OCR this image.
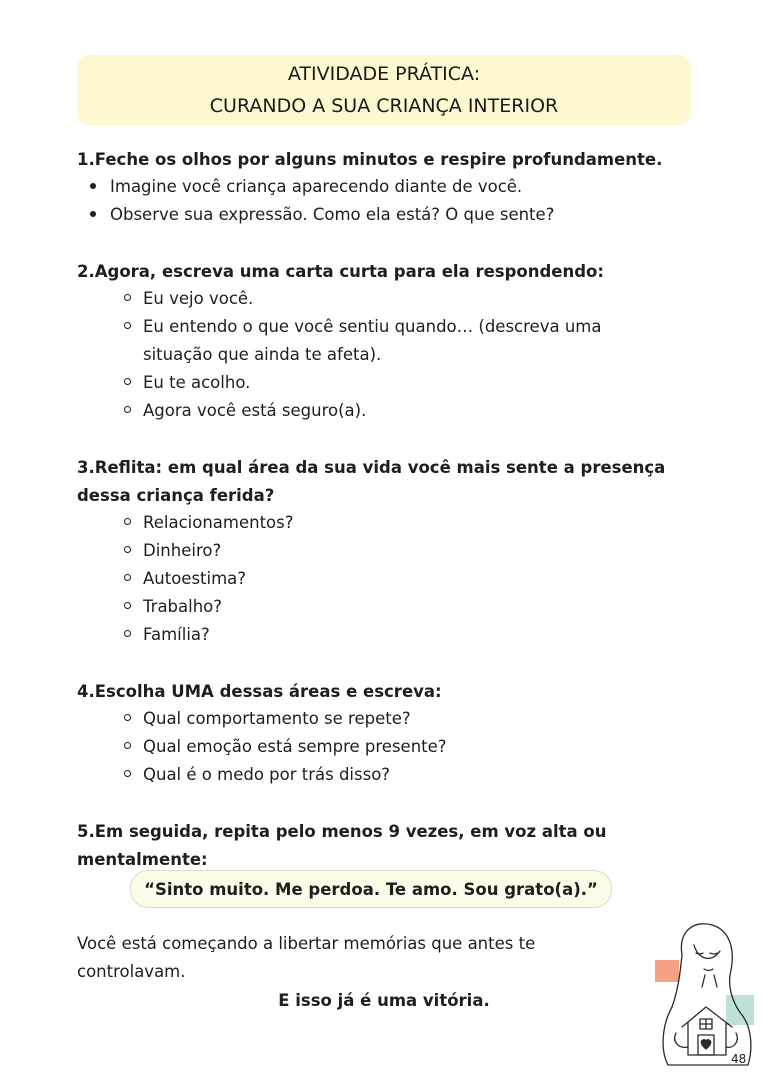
ATIVIDADE PRÁTICA:
CURANDO A SUA CRIANÇA INTERIOR
1.Feche os olhos por alguns minutos e respire profundamente.
Imagine você criança aparecendo diante de você.
Observe sua expressão. Como ela está? O que sente?
2.Agora, escreva uma carta curta para ela respondendo:
Eu vejo você.
Eu entendo o que você sentiu quando… (descreva uma
situação que ainda te afeta).
Eu te acolho.
Agora você está seguro(a).
3.Reflita: em qual área da sua vida você mais sente a presença
dessa criança ferida?
Relacionamentos?
Dinheiro?
Autoestima?
Trabalho?
Família?
4.Escolha UMA dessas áreas e escreva:
Qual comportamento se repete?
Qual emoção está sempre presente?
Qual é o medo por trás disso?
5.Em seguida, repita pelo menos 9 vezes, em voz alta ou
mentalmente:
“Sinto muito. Me perdoa. Te amo. Sou grato(a).”
Você está começando a libertar memórias que antes te
controlavam.
E isso já é uma vitória.
48
